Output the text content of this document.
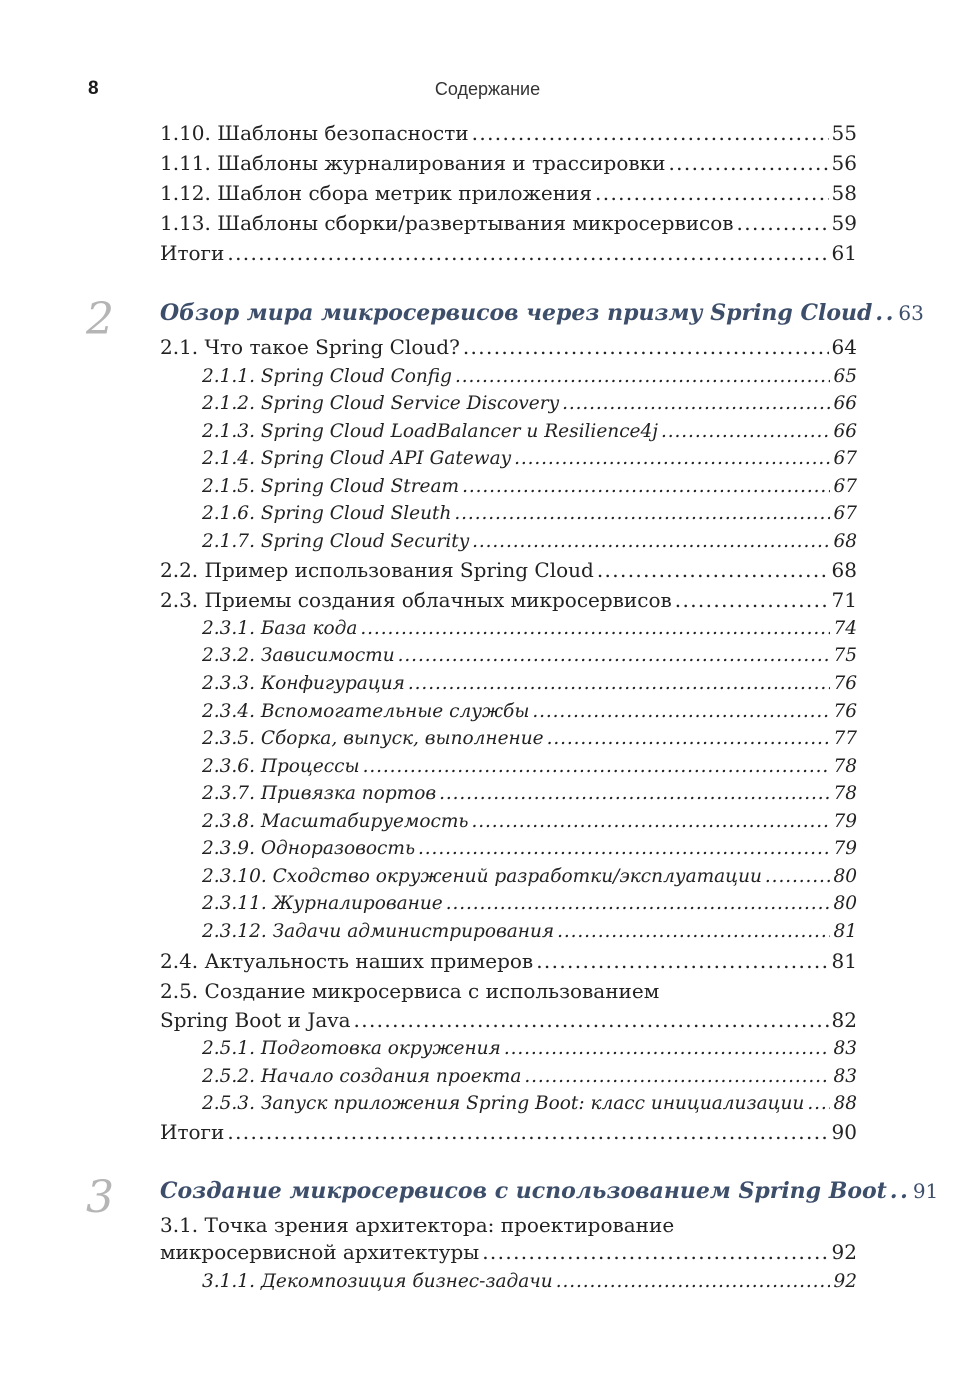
8	Содержание
1.10. Шаблоны безопасности . . .	55
1.11. Шаблоны журналирования и трассировки . . .	56
1.12. Шаблон сбора метрик приложения . . .	58
1.13. Шаблоны сборки/развертывания микросервисов . . .	59
Итоги . . .	61
2 Обзор мира микросервисов через призму Spring Cloud . . . 63
2.1. Что такое Spring Cloud? . . .	64
2.1.1. Spring Cloud Config . . .	65
2.1.2. Spring Cloud Service Discovery . . .	66
2.1.3. Spring Cloud LoadBalancer и Resilience4j . . .	66
2.1.4. Spring Cloud API Gateway . . .	67
2.1.5. Spring Cloud Stream . . .	67
2.1.6. Spring Cloud Sleuth . . .	67
2.1.7. Spring Cloud Security . . .	68
2.2. Пример использования Spring Cloud . . .	68
2.3. Приемы создания облачных микросервисов . . .	71
2.3.1. База кода . . .	74
2.3.2. Зависимости . . .	75
2.3.3. Конфигурация . . .	76
2.3.4. Вспомогательные службы . . .	76
2.3.5. Сборка, выпуск, выполнение . . .	77
2.3.6. Процессы . . .	78
2.3.7. Привязка портов . . .	78
2.3.8. Масштабируемость . . .	79
2.3.9. Одноразовость . . .	79
2.3.10. Сходство окружений разработки/эксплуатации . . .	80
2.3.11. Журналирование . . .	80
2.3.12. Задачи администрирования . . .	81
2.4. Актуальность наших примеров . . .	81
2.5. Создание микросервиса с использованием
Spring Boot и Java . . .	82
2.5.1. Подготовка окружения . . .	83
2.5.2. Начало создания проекта . . .	83
2.5.3. Запуск приложения Spring Boot: класс инициализации . . . 88
Итоги . . .	90
3 Создание микросервисов с использованием Spring Boot . . . 91
3.1. Точка зрения архитектора: проектирование
микросервисной архитектуры . . .	92
3.1.1. Декомпозиция бизнес-задачи . . .	92
